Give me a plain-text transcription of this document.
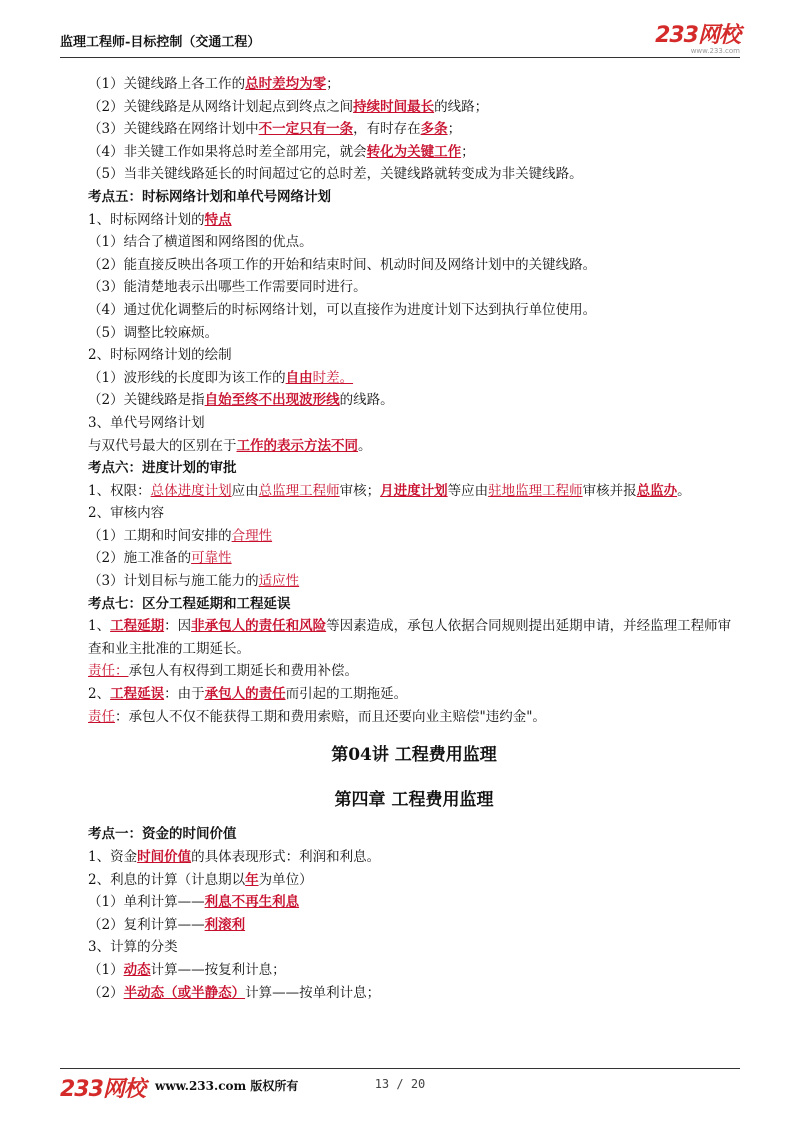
监理工程师-目标控制（交通工程）	233网校
www.233.com
（1）关键线路上各工作的总时差均为零；
（2）关键线路是从网络计划起点到终点之间持续时间最长的线路；
（3）关键线路在网络计划中不一定只有一条，有时存在多条；
（4）非关键工作如果将总时差全部用完，就会转化为关键工作；
（5）当非关键线路延长的时间超过它的总时差，关键线路就转变成为非关键线路。
考点五：时标网络计划和单代号网络计划
1、时标网络计划的特点
（1）结合了横道图和网络图的优点。
（2）能直接反映出各项工作的开始和结束时间、机动时间及网络计划中的关键线路。
（3）能清楚地表示出哪些工作需要同时进行。
（4）通过优化调整后的时标网络计划，可以直接作为进度计划下达到执行单位使用。
（5）调整比较麻烦。
2、时标网络计划的绘制
（1）波形线的长度即为该工作的自由时差。
（2）关键线路是指自始至终不出现波形线的线路。
3、单代号网络计划
与双代号最大的区别在于工作的表示方法不同。
考点六：进度计划的审批
1、权限：总体进度计划应由总监理工程师审核；月进度计划等应由驻地监理工程师审核并报总监办。
2、审核内容
（1）工期和时间安排的合理性
（2）施工准备的可靠性
（3）计划目标与施工能力的适应性
考点七：区分工程延期和工程延误
1、工程延期：因非承包人的责任和风险等因素造成，承包人依据合同规则提出延期申请，并经监理工程师审查和业主批准的工期延长。
责任：承包人有权得到工期延长和费用补偿。
2、工程延误：由于承包人的责任而引起的工期拖延。
责任：承包人不仅不能获得工期和费用索赔，而且还要向业主赔偿"违约金"。
第04讲 工程费用监理
第四章 工程费用监理
考点一：资金的时间价值
1、资金时间价值的具体表现形式：利润和利息。
2、利息的计算（计息期以年为单位）
（1）单利计算——利息不再生利息
（2）复利计算——利滚利
3、计算的分类
（1）动态计算——按复利计息；
（2）半动态（或半静态）计算——按单利计息；
233网校 www.233.com 版权所有	13 / 20
